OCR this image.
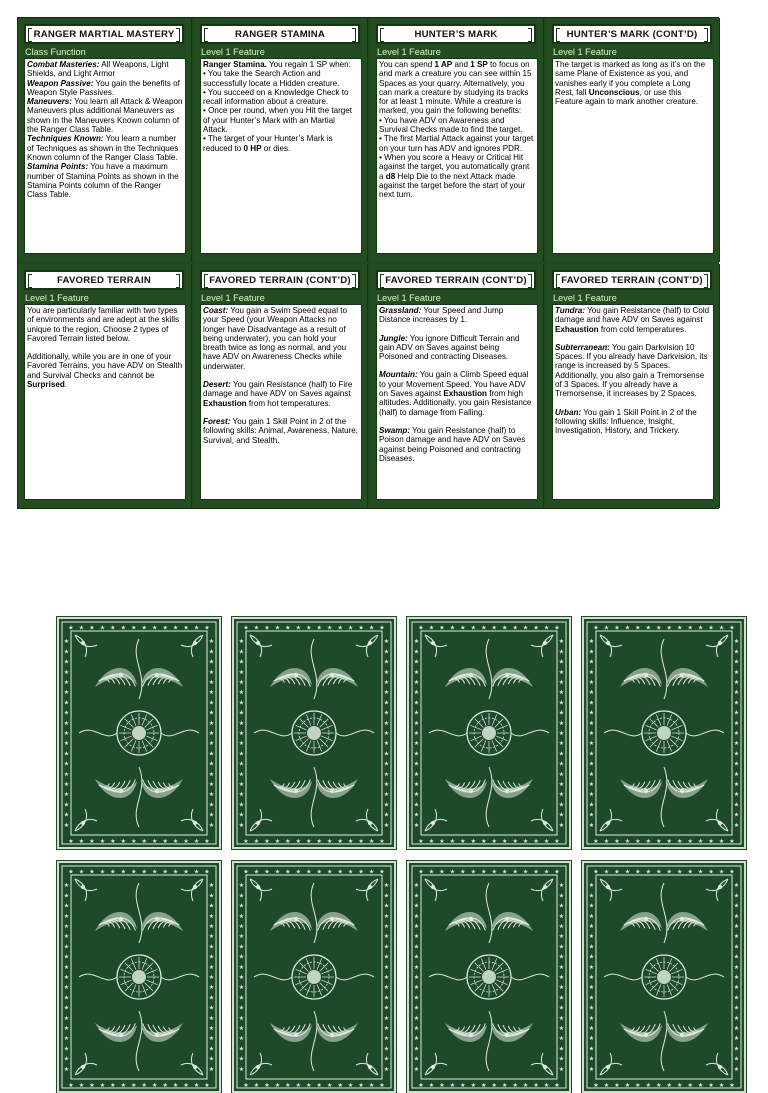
RANGER MARTIAL MASTERY
Class Function

Combat Masteries: All Weapons, Light Shields, and Light Armor

Weapon Passive: You gain the benefits of Weapon Style Passives.

Maneuvers: You learn all Attack & Weapon Maneuvers plus additional Maneuvers as shown in the Maneuvers Known column of the Ranger Class Table.

Techniques Known: You learn a number of Techniques as shown in the Techniques Known column of the Ranger Class Table.

Stamina Points: You have a maximum number of Stamina Points as shown in the Stamina Points column of the Ranger Class Table.

RANGER STAMINA
Level 1 Feature

Ranger Stamina. You regain 1 SP when:

• You take the Search Action and successfully locate a Hidden creature.

• You succeed on a Knowledge Check to recall information about a creature.

• Once per round, when you Hit the target of your Hunter’s Mark with an Martial Attack.

• The target of your Hunter’s Mark is reduced to 0 HP or dies.

HUNTER’S MARK
Level 1 Feature

You can spend 1 AP and 1 SP to focus on and mark a creature you can see within 15 Spaces as your quarry. Alternatively, you can mark a creature by studying its tracks for at least 1 minute. While a creature is marked, you gain the following benefits:

• You have ADV on Awareness and Survival Checks made to find the target.

• The first Martial Attack against your target on your turn has ADV and ignores PDR.

• When you score a Heavy or Critical Hit against the target, you automatically grant a d8 Help Die to the next Attack made against the target before the start of your next turn.

HUNTER’S MARK (CONT’D)
Level 1 Feature

The target is marked as long as it’s on the same Plane of Existence as you, and vanishes early if you complete a Long Rest, fall Unconscious, or use this Feature again to mark another creature.

FAVORED TERRAIN
Level 1 Feature

You are particularly familiar with two types of environments and are adept at the skills unique to the region. Choose 2 types of Favored Terrain listed below.

Additionally, while you are in one of your Favored Terrains, you have ADV on Stealth and Survival Checks and cannot be Surprised.

FAVORED TERRAIN (CONT’D)
Level 1 Feature

Coast: You gain a Swim Speed equal to your Speed (your Weapon Attacks no longer have Disadvantage as a result of being underwater), you can hold your breath twice as long as normal, and you have ADV on Awareness Checks while underwater.

Desert: You gain Resistance (half) to Fire damage and have ADV on Saves against Exhaustion from hot temperatures.

Forest: You gain 1 Skill Point in 2 of the following skills: Animal, Awareness, Nature, Survival, and Stealth.

FAVORED TERRAIN (CONT’D)
Level 1 Feature

Grassland: Your Speed and Jump Distance increases by 1.

Jungle: You ignore Difficult Terrain and gain ADV on Saves against being Poisoned and contracting Diseases.

Mountain: You gain a Climb Speed equal to your Movement Speed. You have ADV on Saves against Exhaustion from high altitudes. Additionally, you gain Resistance (half) to damage from Falling.

Swamp: You gain Resistance (half) to Poison damage and have ADV on Saves against being Poisoned and contracting Diseases.

FAVORED TERRAIN (CONT’D)
Level 1 Feature

Tundra: You gain Resistance (half) to Cold damage and have ADV on Saves against Exhaustion from cold temperatures.

Subterranean: You gain Darkvision 10 Spaces. If you already have Darkvision, its range is increased by 5 Spaces. Additionally, you also gain a Tremorsense of 3 Spaces. If you already have a Tremorsense, it increases by 2 Spaces.

Urban: You gain 1 Skill Point in 2 of the following skills: Influence, Insight, Investigation, History, and Trickery.

★
★
★
★
★
★
★
★
★
★
★
★
★
★
★
★
★
★
★
★
★
★
★
★
★
★
★
★
★	★
★	★
★	★
★	★
★	★
★	★
★	★
★	★
★	★
★	★
★	★
★	★
★	★
★	★
★	★
★	★
★	★
★	★
★	★
★
★
★
★
★
★
★
★
★
★
★
★
★
★
★
★
★
★
★
★
★
★
★
★
★
★
★
★
★	★
★	★
★	★
★	★
★	★
★	★
★	★
★	★
★	★
★	★
★	★
★	★
★	★
★	★
★	★
★	★
★	★
★	★
★	★
★
★
★
★
★
★
★
★
★
★
★
★
★
★
★
★
★
★
★
★
★
★
★
★
★
★
★
★
★	★
★	★
★	★
★	★
★	★
★	★
★	★
★	★
★	★
★	★
★	★
★	★
★	★
★	★
★	★
★	★
★	★
★	★
★	★
★
★
★
★
★
★
★
★
★
★
★
★
★
★
★
★
★
★
★
★
★
★
★
★
★
★
★
★
★	★
★	★
★	★
★	★
★	★
★	★
★	★
★	★
★	★
★	★
★	★
★	★
★	★
★	★
★	★
★	★
★	★
★	★
★	★
★
★
★
★
★
★
★
★
★
★
★
★
★
★
★
★
★
★
★
★
★
★
★
★
★
★
★
★
★	★
★	★
★	★
★	★
★	★
★	★
★	★
★	★
★	★
★	★
★	★
★	★
★	★
★	★
★	★
★	★
★	★
★	★
★	★
★
★
★
★
★
★
★
★
★
★
★
★
★
★
★
★
★
★
★
★
★
★
★
★
★
★
★
★
★	★
★	★
★	★
★	★
★	★
★	★
★	★
★	★
★	★
★	★
★	★
★	★
★	★
★	★
★	★
★	★
★	★
★	★
★	★
★
★
★
★
★
★
★
★
★
★
★
★
★
★
★
★
★
★
★
★
★
★
★
★
★
★
★
★
★	★
★	★
★	★
★	★
★	★
★	★
★	★
★	★
★	★
★	★
★	★
★	★
★	★
★	★
★	★
★	★
★	★
★	★
★	★
★
★
★
★
★
★
★
★
★
★
★
★
★
★
★
★
★
★
★
★
★
★
★
★
★
★
★
★
★	★
★	★
★	★
★	★
★	★
★	★
★	★
★	★
★	★
★	★
★	★
★	★
★	★
★	★
★	★
★	★
★	★
★	★
★	★
